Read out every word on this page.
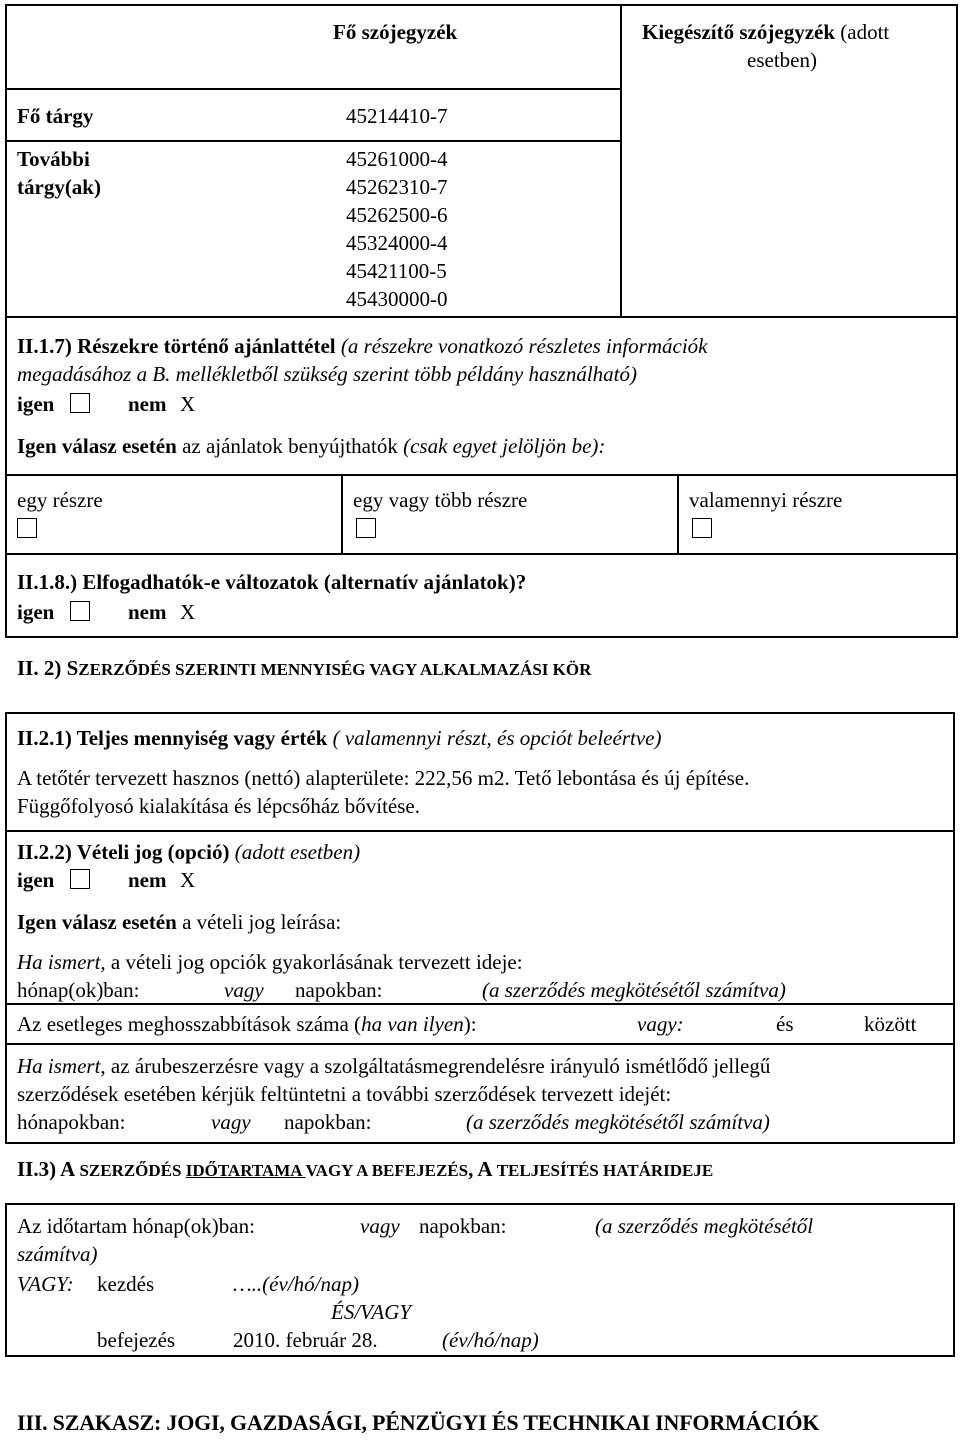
Fő szójegyzék	Kiegészítő szójegyzék (adott
esetben)
Fő tárgy	45214410-7
További
tárgy(ak)
45261000-4
45262310-7
45262500-6
45324000-4
45421100-5
45430000-0
II.1.7) Részekre történő ajánlattétel (a részekre vonatkozó részletes információk
megadásához a B. mellékletből szükség szerint több példány használható)
igen	nem X
Igen válasz esetén az ajánlatok benyújthatók (csak egyet jelöljön be):
egy részre	egy vagy több részre	valamennyi részre
II.1.8.) Elfogadhatók-e változatok (alternatív ajánlatok)?
igen	nem X
II. 2) SZERZŐDÉS SZERINTI MENNYISÉG VAGY ALKALMAZÁSI KÖR
II.2.1) Teljes mennyiség vagy érték ( valamennyi részt, és opciót beleértve)
A tetőtér tervezett hasznos (nettó) alapterülete: 222,56 m2. Tető lebontása és új építése.
Függőfolyosó kialakítása és lépcsőház bővítése.
II.2.2) Vételi jog (opció) (adott esetben)
igen	nem X
Igen válasz esetén a vételi jog leírása:
Ha ismert, a vételi jog opciók gyakorlásának tervezett ideje:
hónap(ok)ban:	vagy napokban:	(a szerződés megkötésétől számítva)
Az esetleges meghosszabbítások száma (ha van ilyen):	vagy:	és	között
Ha ismert, az árubeszerzésre vagy a szolgáltatásmegrendelésre irányuló ismétlődő jellegű
szerződések esetében kérjük feltüntetni a további szerződések tervezett idejét:
hónapokban:	vagy napokban:	(a szerződés megkötésétől számítva)
II.3) A SZERZŐDÉS IDŐTARTAMA VAGY A BEFEJEZÉS, A TELJESÍTÉS HATÁRIDEJE
Az időtartam hónap(ok)ban:	vagy napokban:	(a szerződés megkötésétől
számítva)
VAGY: kezdés	…..(év/hó/nap)
ÉS/VAGY
befejezés	2010. február 28.	(év/hó/nap)
III. SZAKASZ: JOGI, GAZDASÁGI, PÉNZÜGYI ÉS TECHNIKAI INFORMÁCIÓK
